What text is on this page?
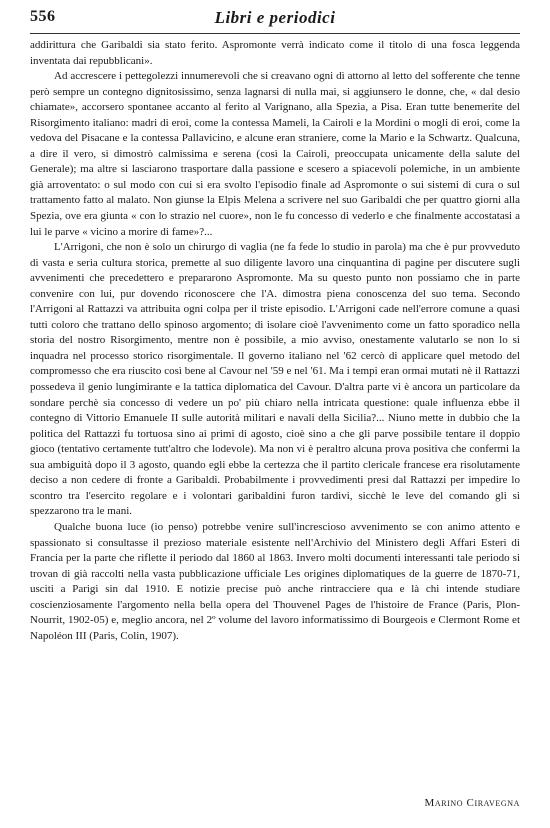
556	Libri e periodici

addirittura che Garibaldi sia stato ferito. Aspromonte verrà indicato come il titolo di una fosca leggenda inventata dai repubblicani».

Ad accrescere i pettegolezzi innumerevoli che si creavano ogni dì attorno al letto del sofferente che tenne però sempre un contegno dignitosissimo, senza lagnarsi di nulla mai, si aggiunsero le donne, che, « dal desio chiamate», accorsero spontanee accanto al ferito al Varignano, alla Spezia, a Pisa. Eran tutte benemerite del Risorgimento italiano: madri di eroi, come la contessa Mameli, la Cairoli e la Mordini o mogli di eroi, come la vedova del Pisacane e la contessa Pallavicino, e alcune eran straniere, come la Mario e la Schwartz. Qualcuna, a dire il vero, si dimostrò calmissima e serena (così la Cairoli, preoccupata unicamente della salute del Generale); ma altre si lasciarono trasportare dalla passione e scesero a spiacevoli polemiche, in un ambiente già arroventato: o sul modo con cui si era svolto l'episodio finale ad Aspromonte o sui sistemi di cura o sul trattamento fatto al malato. Non giunse la Elpis Melena a scrivere nel suo Garibaldi che per quattro giorni alla Spezia, ove era giunta « con lo strazio nel cuore», non le fu concesso di vederlo e che finalmente accostatasi a lui le parve « vicino a morire di fame»?...

L'Arrigoni, che non è solo un chirurgo di vaglia (ne fa fede lo studio in parola) ma che è pur provveduto di vasta e seria cultura storica, premette al suo diligente lavoro una cinquantina di pagine per discutere sugli avvenimenti che precedettero e prepararono Aspromonte. Ma su questo punto non possiamo che in parte convenire con lui, pur dovendo riconoscere che l'A. dimostra piena conoscenza del suo tema. Secondo l'Arrigoni al Rattazzi va attribuita ogni colpa per il triste episodio. L'Arrigoni cade nell'errore comune a quasi tutti coloro che trattano dello spinoso argomento; di isolare cioè l'avvenimento come un fatto sporadico nella storia del nostro Risorgimento, mentre non è possibile, a mio avviso, onestamente valutarlo se non lo si inquadra nel processo storico risorgimentale. Il governo italiano nel '62 cercò di applicare quel metodo del compromesso che era riuscito così bene al Cavour nel '59 e nel '61. Ma i tempi eran ormai mutati nè il Rattazzi possedeva il genio lungimirante e la tattica diplomatica del Cavour. D'altra parte vi è ancora un particolare da sondare perchè sia concesso di vedere un po' più chiaro nella intricata questione: quale influenza ebbe il contegno di Vittorio Emanuele II sulle autorità militari e navali della Sicilia?... Niuno mette in dubbio che la politica del Rattazzi fu tortuosa sino ai primi di agosto, cioè sino a che gli parve possibile tentare il doppio gioco (tentativo certamente tutt'altro che lodevole). Ma non vi è peraltro alcuna prova positiva che confermi la sua ambiguità dopo il 3 agosto, quando egli ebbe la certezza che il partito clericale francese era risolutamente deciso a non cedere di fronte a Garibaldi. Probabilmente i provvedimenti presi dal Rattazzi per impedire lo scontro tra l'esercito regolare e i volontari garibaldini furon tardivi, sicchè le leve del comando gli si spezzarono tra le mani.

Qualche buona luce (io penso) potrebbe venire sull'increscioso avvenimento se con animo attento e spassionato si consultasse il prezioso materiale esistente nell'Archivio del Ministero degli Affari Esteri di Francia per la parte che riflette il periodo dal 1860 al 1863. Invero molti documenti interessanti tale periodo si trovan di già raccolti nella vasta pubblicazione ufficiale Les origines diplomatiques de la guerre de 1870-71, usciti a Parigi sin dal 1910. E notizie precise può anche rintracciere qua e là chi intende studiare coscienziosamente l'argomento nella bella opera del Thouvenel Pages de l'histoire de France (Paris, Plon-Nourrit, 1902-05) e, meglio ancora, nel 2º volume del lavoro informatissimo di Bourgeois e Clermont Rome et Napoléon III (Paris, Colin, 1907).

Marino Ciravegna
